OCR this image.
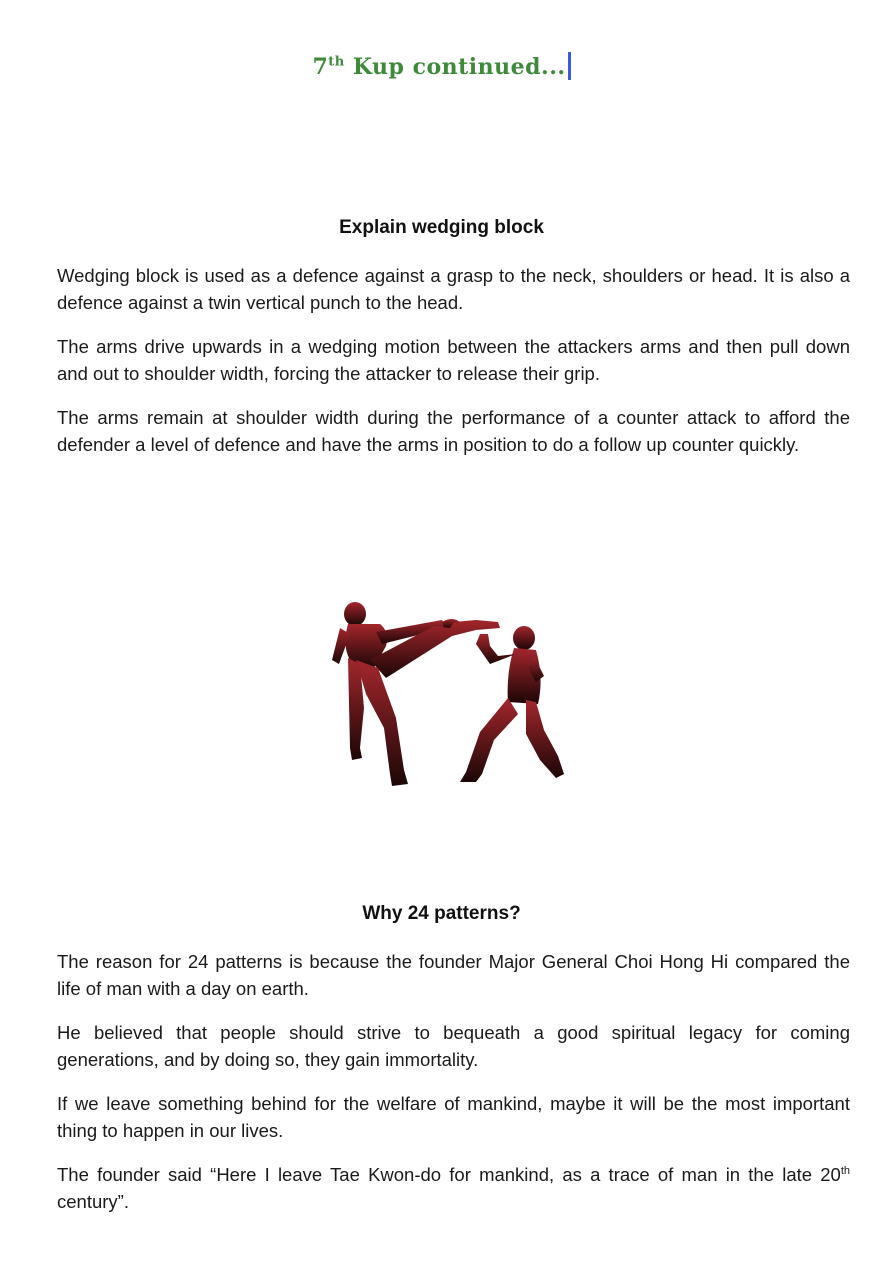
7th Kup continued...
Explain wedging block

Wedging block is used as a defence against a grasp to the neck, shoulders or head. It is also a defence against a twin vertical punch to the head.

The arms drive upwards in a wedging motion between the attackers arms and then pull down and out to shoulder width, forcing the attacker to release their grip.

The arms remain at shoulder width during the performance of a counter attack to afford the defender a level of defence and have the arms in position to do a follow up counter quickly.

Why 24 patterns?

The reason for 24 patterns is because the founder Major General Choi Hong Hi compared the life of man with a day on earth.

He believed that people should strive to bequeath a good spiritual legacy for coming generations, and by doing so, they gain immortality.

If we leave something behind for the welfare of mankind, maybe it will be the most important thing to happen in our lives.

The founder said “Here I leave Tae Kwon-do for mankind, as a trace of man in the late 20th century”.
